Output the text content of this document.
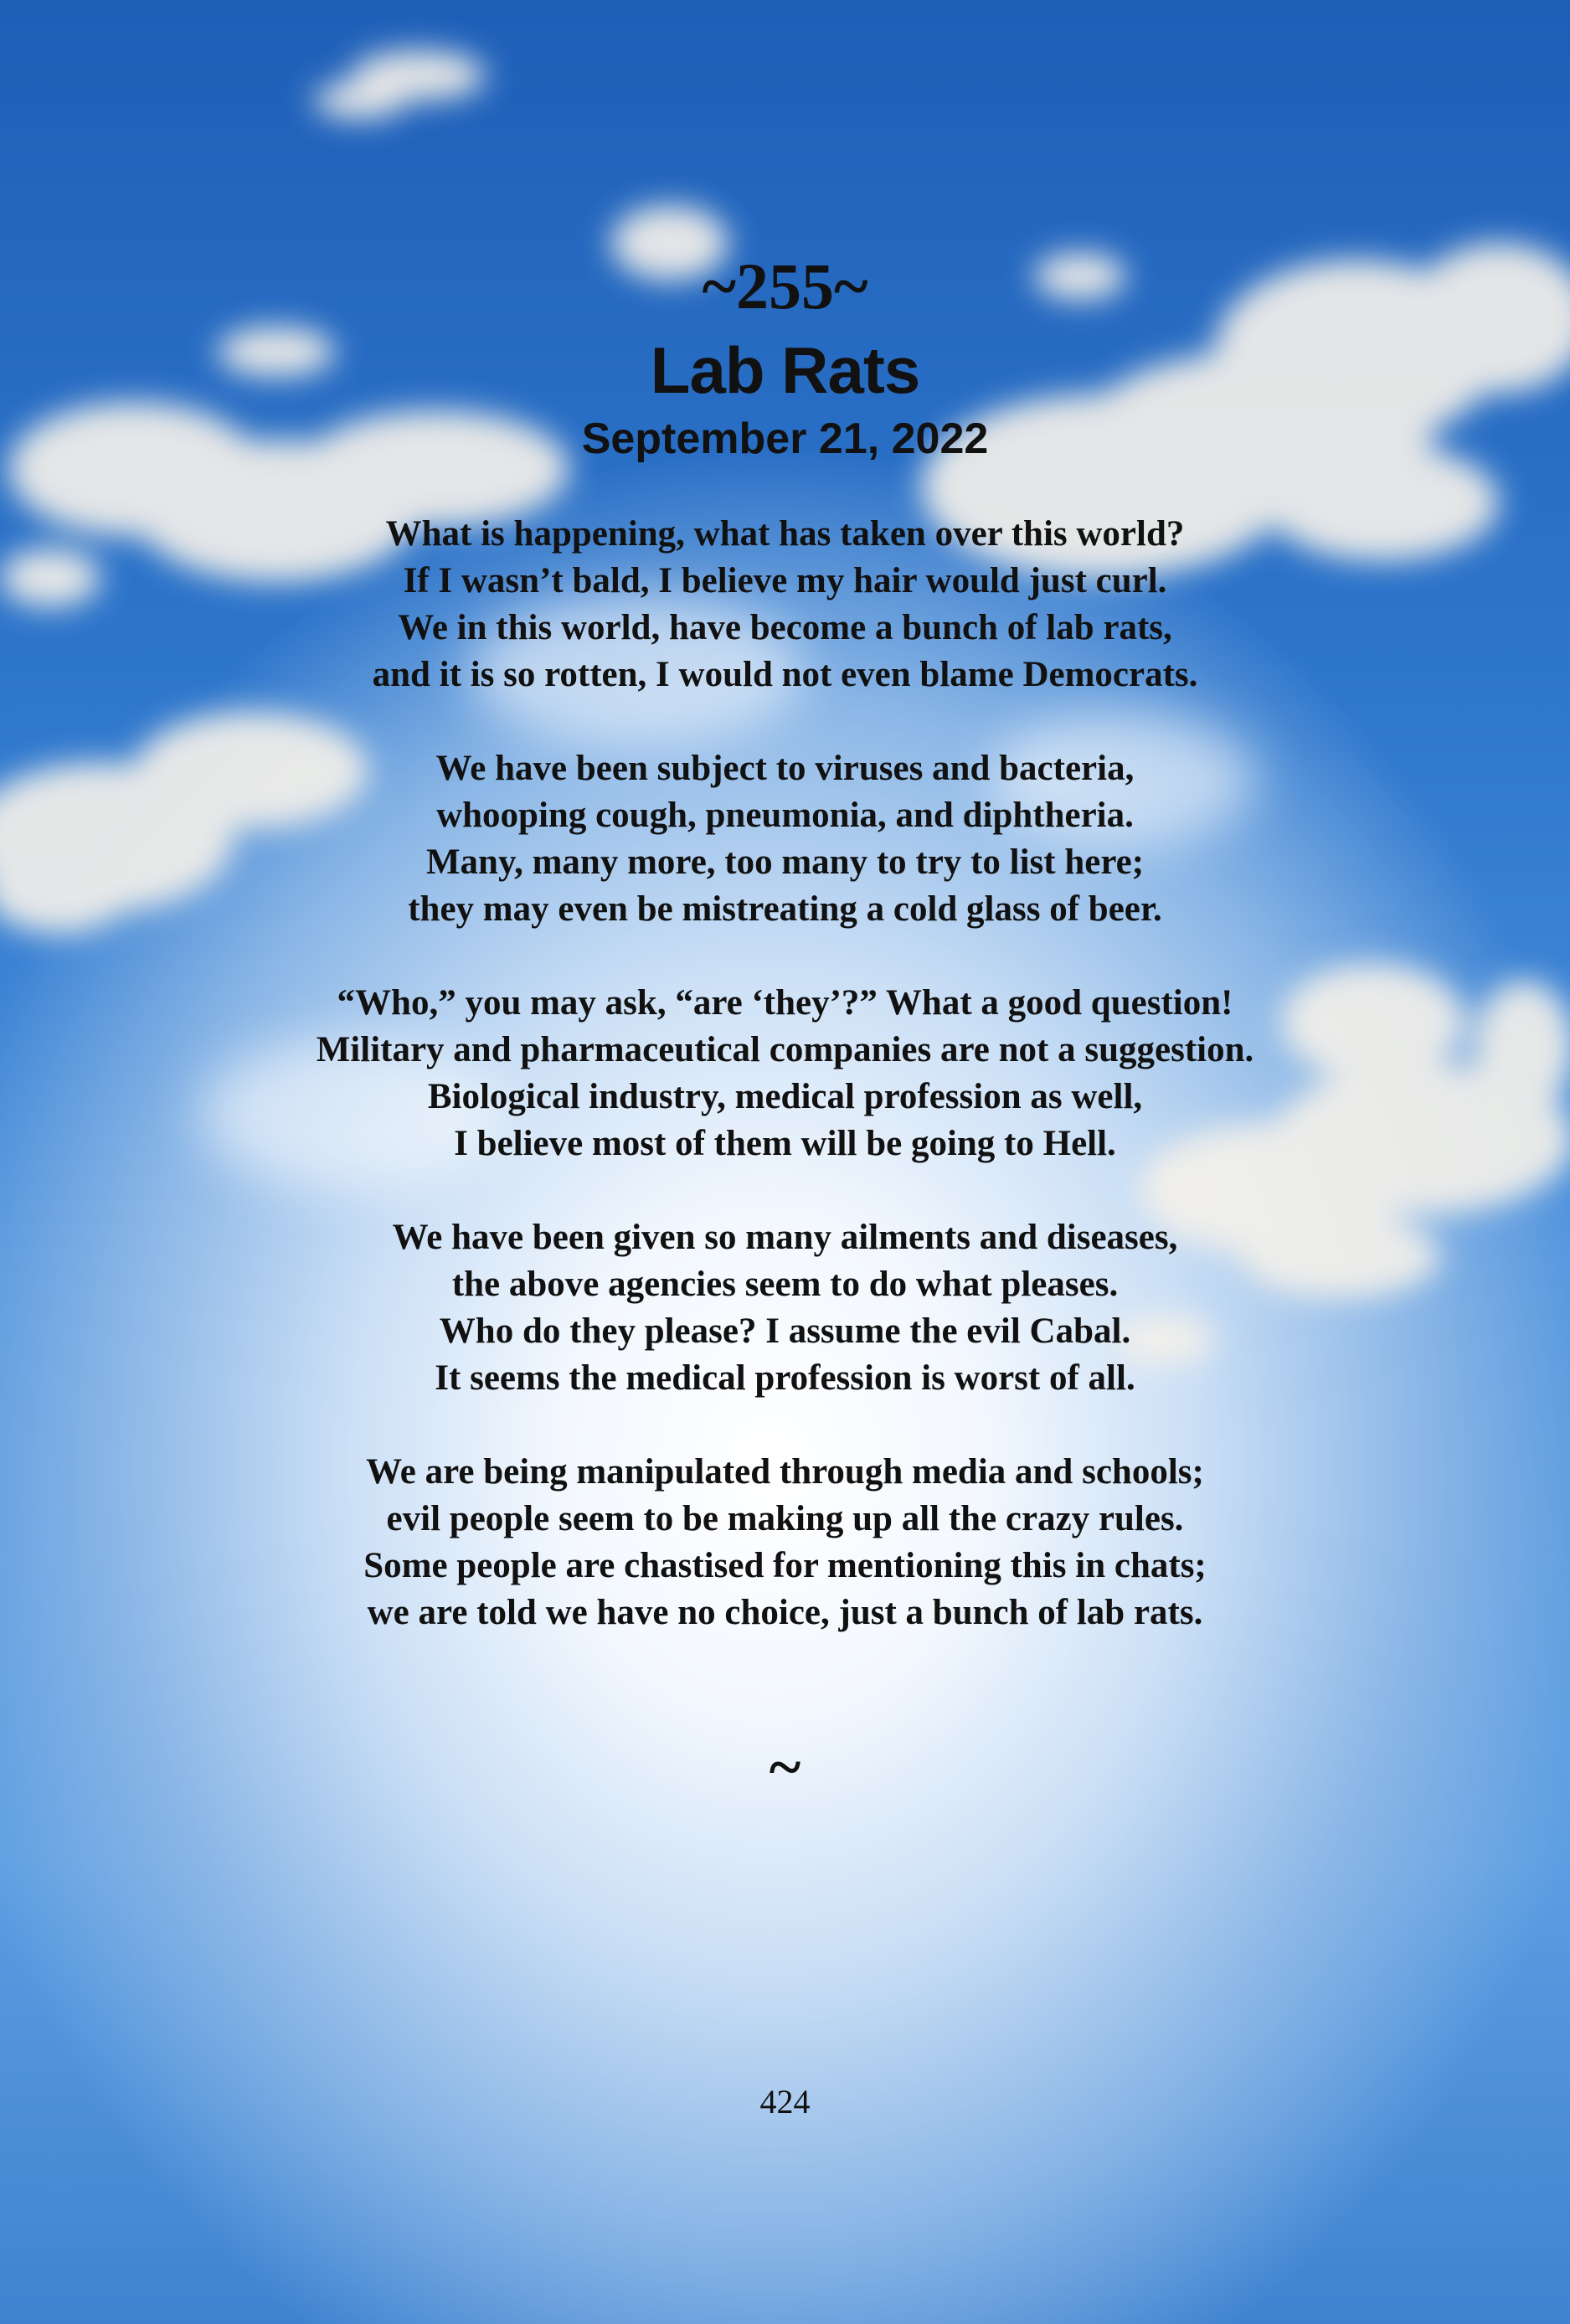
~255~
Lab Rats
September 21, 2022

What is happening, what has taken over this world?
If I wasn’t bald, I believe my hair would just curl.
We in this world, have become a bunch of lab rats,
and it is so rotten, I would not even blame Democrats.

We have been subject to viruses and bacteria,
whooping cough, pneumonia, and diphtheria.
Many, many more, too many to try to list here;
they may even be mistreating a cold glass of beer.

“Who,” you may ask, “are ‘they’?” What a good question!
Military and pharmaceutical companies are not a suggestion.
Biological industry, medical profession as well,
I believe most of them will be going to Hell.

We have been given so many ailments and diseases,
the above agencies seem to do what pleases.
Who do they please? I assume the evil Cabal.
It seems the medical profession is worst of all.

We are being manipulated through media and schools;
evil people seem to be making up all the crazy rules.
Some people are chastised for mentioning this in chats;
we are told we have no choice, just a bunch of lab rats.

~
424
